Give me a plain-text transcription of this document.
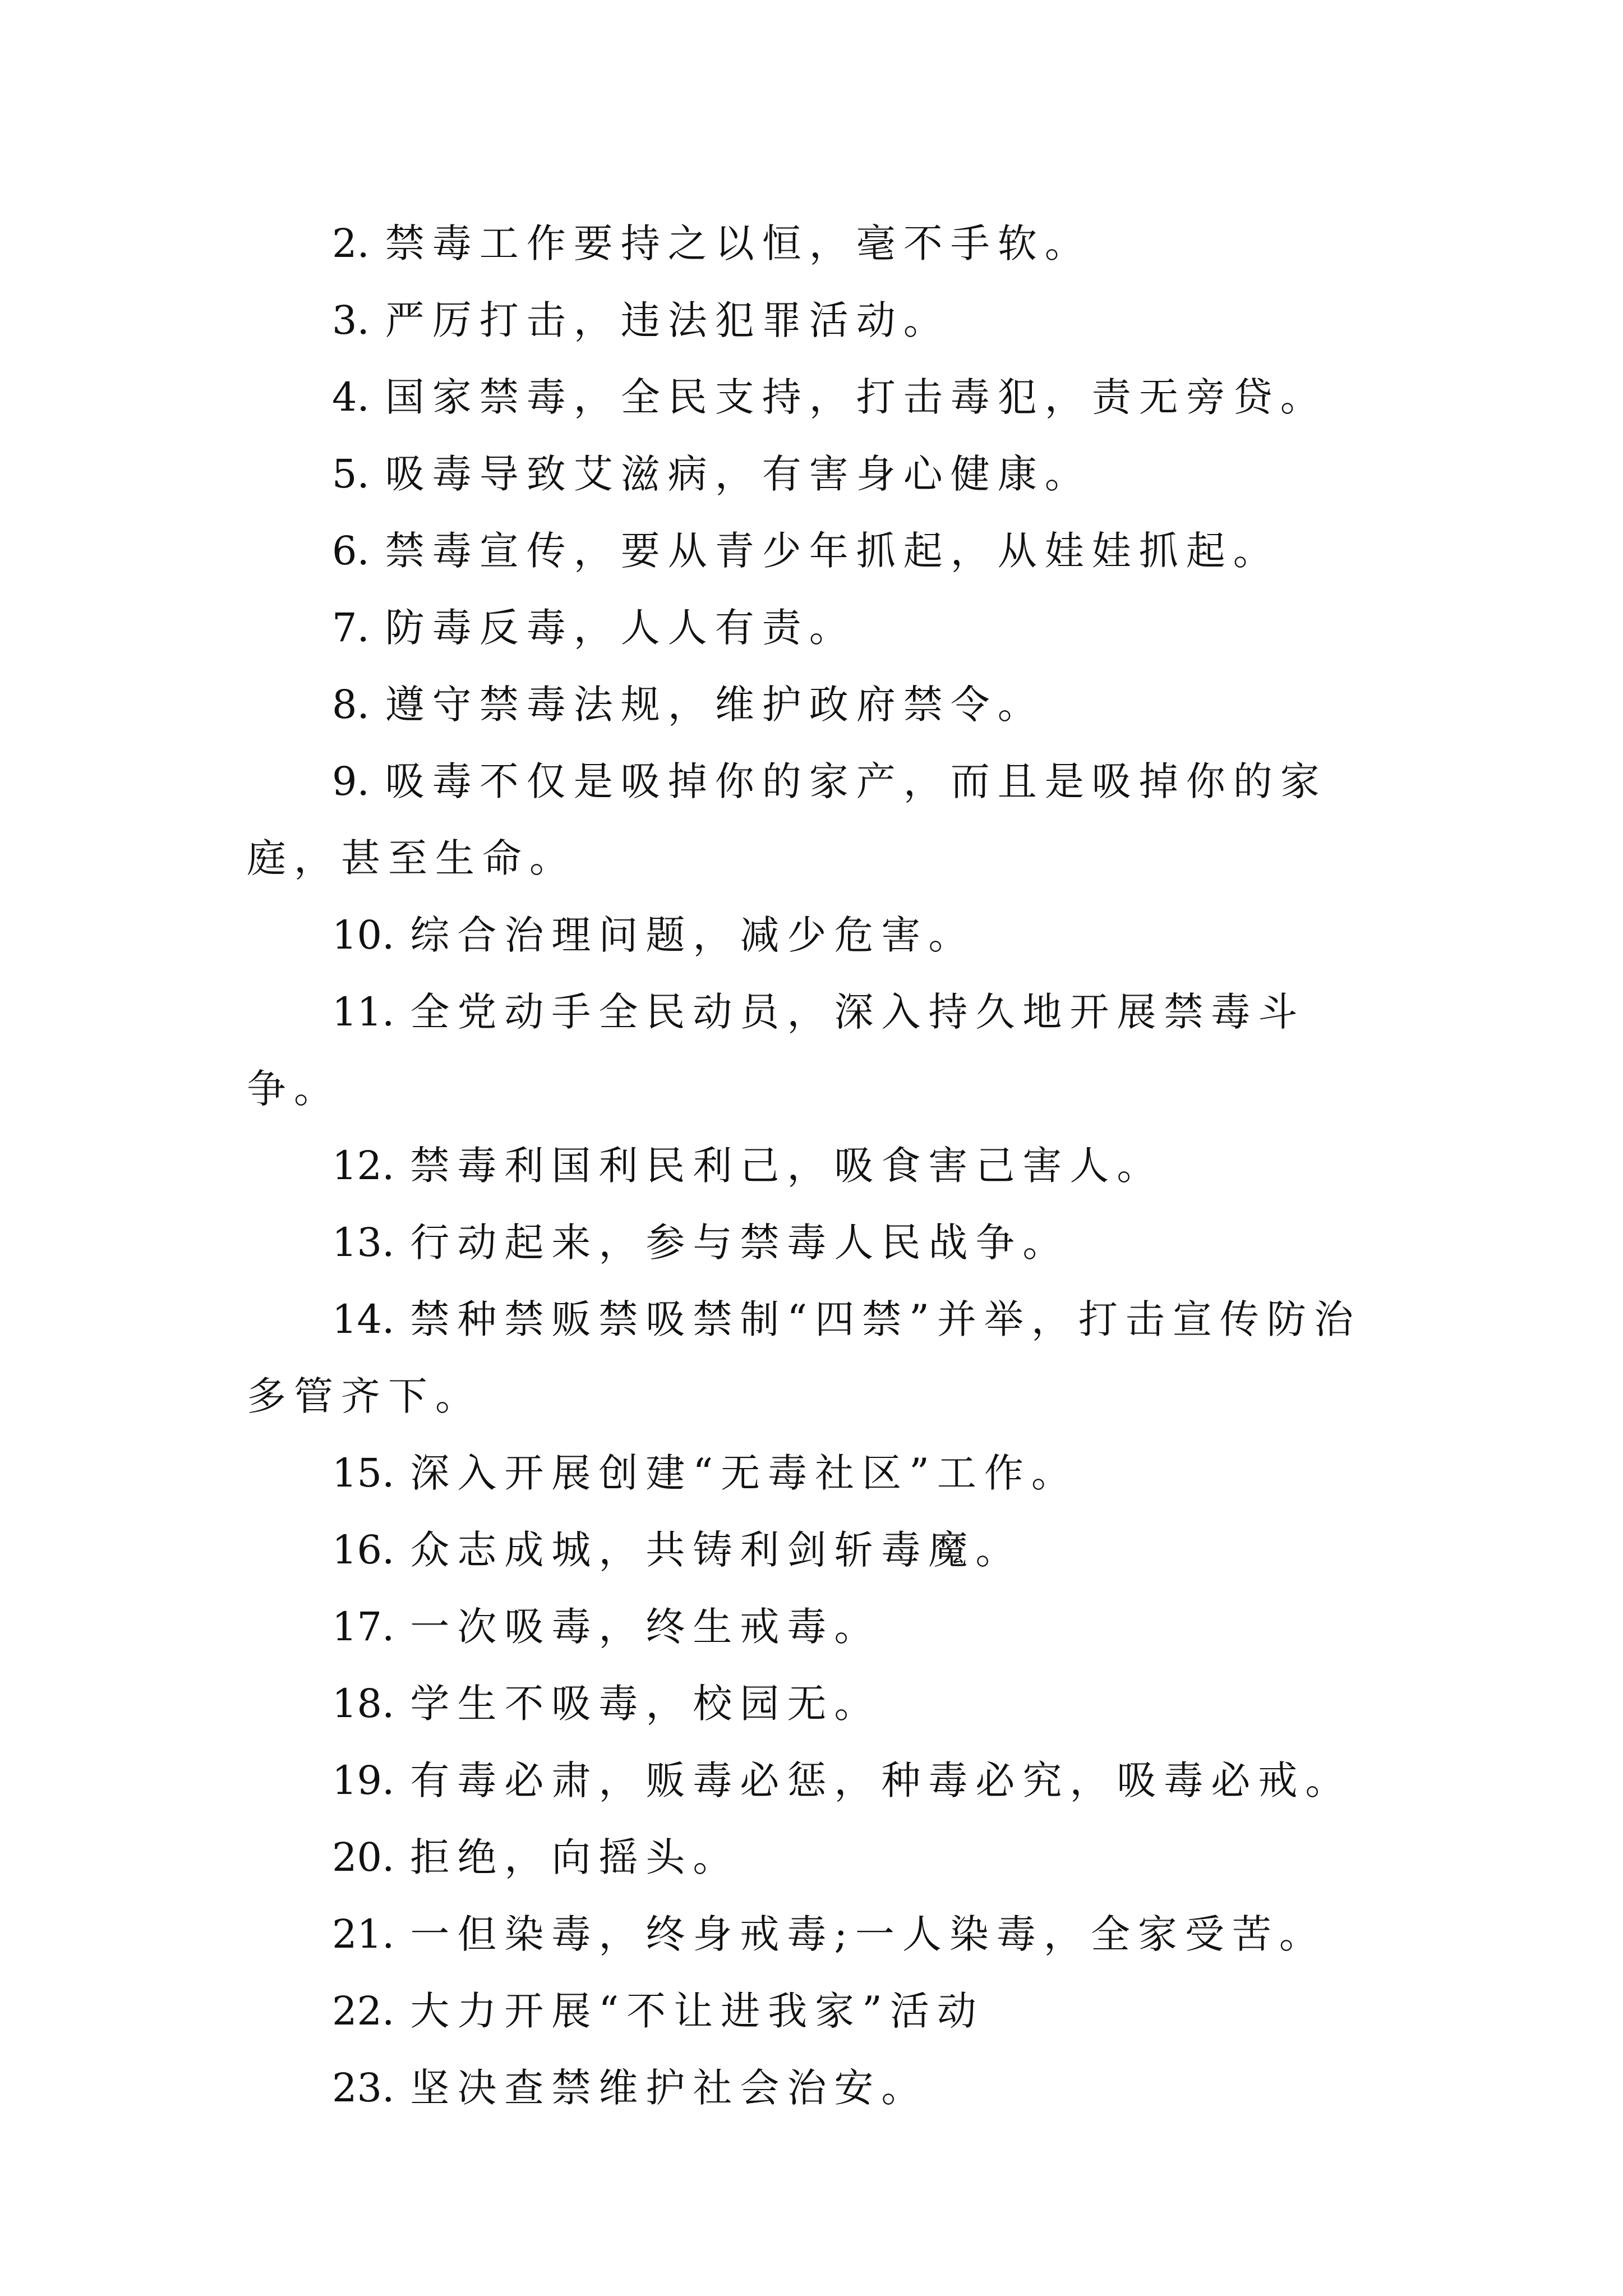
2. 禁毒工作要持之以恒，毫不手软。

3. 严厉打击，违法犯罪活动。

4. 国家禁毒，全民支持，打击毒犯，责无旁贷。

5. 吸毒导致艾滋病，有害身心健康。

6. 禁毒宣传，要从青少年抓起，从娃娃抓起。

7. 防毒反毒，人人有责。

8. 遵守禁毒法规，维护政府禁令。

9. 吸毒不仅是吸掉你的家产，而且是吸掉你的家庭，甚至生命。

10. 综合治理问题，减少危害。

11. 全党动手全民动员，深入持久地开展禁毒斗争。

12. 禁毒利国利民利己，吸食害己害人。

13. 行动起来，参与禁毒人民战争。

14. 禁种禁贩禁吸禁制“四禁”并举，打击宣传防治多管齐下。

15. 深入开展创建“无毒社区”工作。

16. 众志成城，共铸利剑斩毒魔。

17. 一次吸毒，终生戒毒。

18. 学生不吸毒，校园无。

19. 有毒必肃，贩毒必惩，种毒必究，吸毒必戒。

20. 拒绝，向摇头。

21. 一但染毒，终身戒毒;一人染毒，全家受苦。

22. 大力开展“不让进我家”活动

23. 坚决查禁维护社会治安。
